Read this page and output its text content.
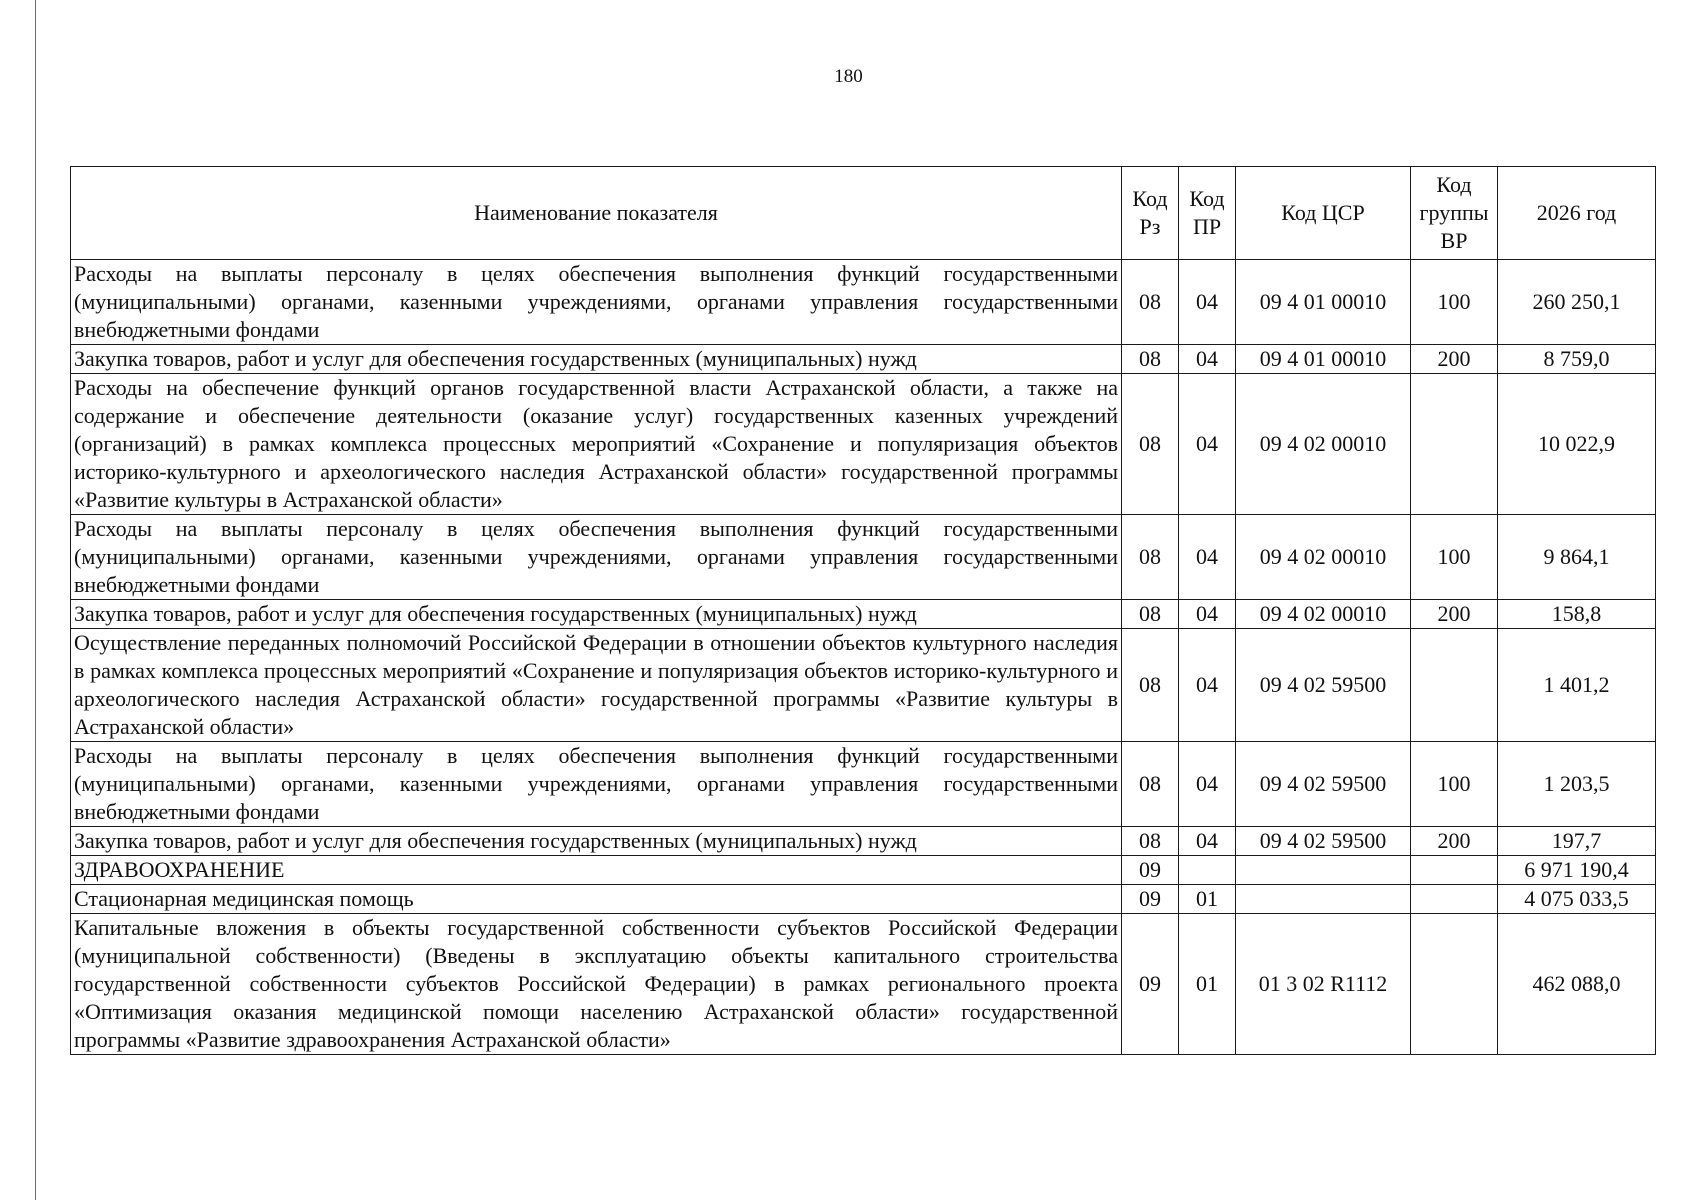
180
Наименование показателя	Код Рз	Код ПР	Код ЦСР	Код группы ВР	2026 год
Расходы на выплаты персоналу в целях обеспечения выполнения функций государственными (муниципальными) органами, казенными учреждениями, органами управления государственными внебюджетными фондами	08	04	09 4 01 00010	100	260 250,1
Закупка товаров, работ и услуг для обеспечения государственных (муниципальных) нужд	08	04	09 4 01 00010	200	8 759,0
Расходы на обеспечение функций органов государственной власти Астраханской области, а также на содержание и обеспечение деятельности (оказание услуг) государственных казенных учреждений (организаций) в рамках комплекса процессных мероприятий «Сохранение и популяризация объектов историко-культурного и археологического наследия Астраханской области» государственной программы «Развитие культуры в Астраханской области»	08	04	09 4 02 00010		10 022,9
Расходы на выплаты персоналу в целях обеспечения выполнения функций государственными (муниципальными) органами, казенными учреждениями, органами управления государственными внебюджетными фондами	08	04	09 4 02 00010	100	9 864,1
Закупка товаров, работ и услуг для обеспечения государственных (муниципальных) нужд	08	04	09 4 02 00010	200	158,8
Осуществление переданных полномочий Российской Федерации в отношении объектов культурного наследия в рамках комплекса процессных мероприятий «Сохранение и популяризация объектов историко-культурного и археологического наследия Астраханской области» государственной программы «Развитие культуры в Астраханской области»	08	04	09 4 02 59500		1 401,2
Расходы на выплаты персоналу в целях обеспечения выполнения функций государственными (муниципальными) органами, казенными учреждениями, органами управления государственными внебюджетными фондами	08	04	09 4 02 59500	100	1 203,5
Закупка товаров, работ и услуг для обеспечения государственных (муниципальных) нужд	08	04	09 4 02 59500	200	197,7
ЗДРАВООХРАНЕНИЕ	09				6 971 190,4
Стационарная медицинская помощь	09	01			4 075 033,5
Капитальные вложения в объекты государственной собственности субъектов Российской Федерации (муниципальной собственности) (Введены в эксплуатацию объекты капитального строительства государственной собственности субъектов Российской Федерации) в рамках регионального проекта «Оптимизация оказания медицинской помощи населению Астраханской области» государственной программы «Развитие здравоохранения Астраханской области»	09	01	01 3 02 R1112		462 088,0
